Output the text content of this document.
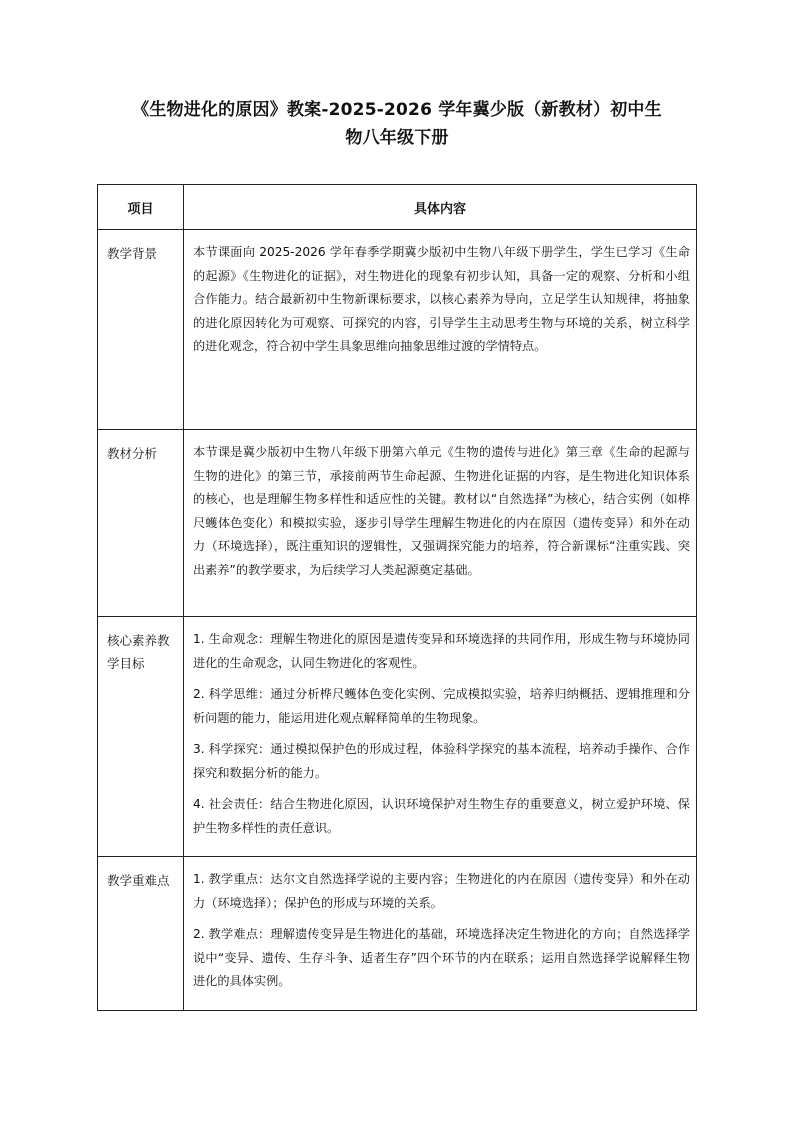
《生物进化的原因》教案-2025-2026 学年冀少版（新教材）初中生
物八年级下册
项目	具体内容
教学背景	本节课面向 2025-2026 学年春季学期冀少版初中生物八年级下册学生，学生已学习《生命的起源》《生物进化的证据》，对生物进化的现象有初步认知，具备一定的观察、分析和小组合作能力。结合最新初中生物新课标要求，以核心素养为导向，立足学生认知规律，将抽象的进化原因转化为可观察、可探究的内容，引导学生主动思考生物与环境的关系，树立科学的进化观念，符合初中学生具象思维向抽象思维过渡的学情特点。

教材分析	本节课是冀少版初中生物八年级下册第六单元《生物的遗传与进化》第三章《生命的起源与生物的进化》的第三节，承接前两节生命起源、生物进化证据的内容，是生物进化知识体系的核心，也是理解生物多样性和适应性的关键。教材以“自然选择”为核心，结合实例（如桦尺蠖体色变化）和模拟实验，逐步引导学生理解生物进化的内在原因（遗传变异）和外在动力（环境选择），既注重知识的逻辑性，又强调探究能力的培养，符合新课标“注重实践、突出素养”的教学要求，为后续学习人类起源奠定基础。

核心素养教学目标	1. 生命观念：理解生物进化的原因是遗传变异和环境选择的共同作用，形成生物与环境协同进化的生命观念，认同生物进化的客观性。

2. 科学思维：通过分析桦尺蠖体色变化实例、完成模拟实验，培养归纳概括、逻辑推理和分析问题的能力，能运用进化观点解释简单的生物现象。

3. 科学探究：通过模拟保护色的形成过程，体验科学探究的基本流程，培养动手操作、合作探究和数据分析的能力。

4. 社会责任：结合生物进化原因，认识环境保护对生物生存的重要意义，树立爱护环境、保护生物多样性的责任意识。

教学重难点	1. 教学重点：达尔文自然选择学说的主要内容；生物进化的内在原因（遗传变异）和外在动力（环境选择）；保护色的形成与环境的关系。

2. 教学难点：理解遗传变异是生物进化的基础，环境选择决定生物进化的方向；自然选择学说中“变异、遗传、生存斗争、适者生存”四个环节的内在联系；运用自然选择学说解释生物进化的具体实例。
